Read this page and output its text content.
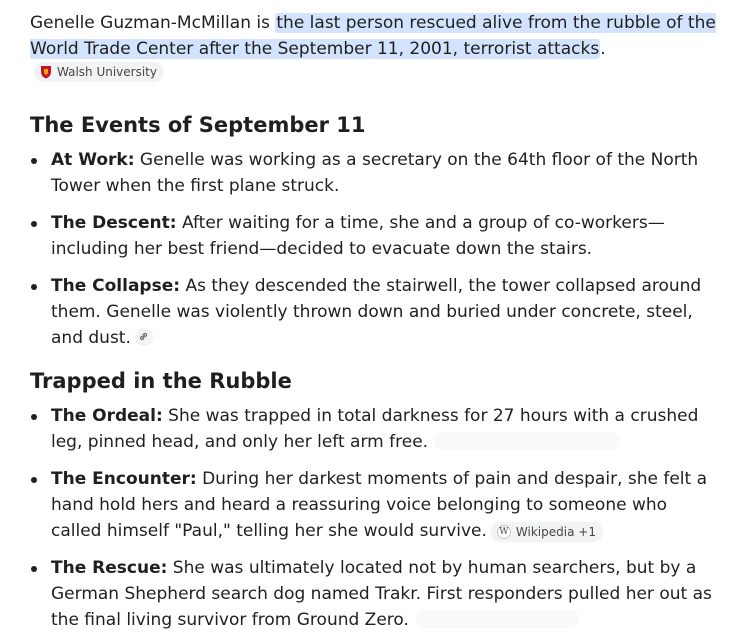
Genelle Guzman-McMillan is the last person rescued alive from the rubble of the World Trade Center after the September 11, 2001, terrorist attacks.
Walsh University

The Events of September 11
At Work: Genelle was working as a secretary on the 64th floor of the North Tower when the first plane struck.
The Descent: After waiting for a time, she and a group of co-workers—including her best friend—decided to evacuate down the stairs.
The Collapse: As they descended the stairwell, the tower collapsed around them. Genelle was violently thrown down and buried under concrete, steel, and dust.
Trapped in the Rubble
The Ordeal: She was trapped in total darkness for 27 hours with a crushed leg, pinned head, and only her left arm free.
The Encounter: During her darkest moments of pain and despair, she felt a hand hold hers and heard a reassuring voice belonging to someone who called himself "Paul," telling her she would survive. W Wikipedia +1
The Rescue: She was ultimately located not by human searchers, but by a German Shepherd search dog named Trakr. First responders pulled her out as the final living survivor from Ground Zero.
